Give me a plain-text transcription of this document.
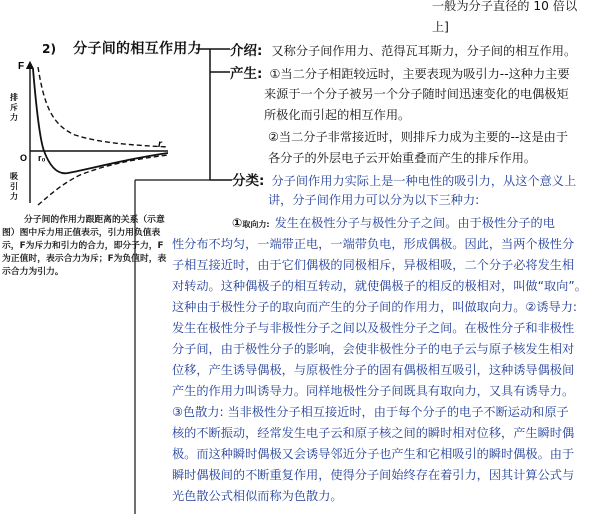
一般为分子直径的 10 倍以
上]
2) 分子间的相互作用力 介绍: 又称分子间作用力、范得瓦耳斯力，分子间的相互作用。
产生: ①当二分子相距较远时，主要表现为吸引力--这种力主要
来源于一个分子被另一个分子随时间迅速变化的电偶极矩
所极化而引起的相互作用。
②当二分子非常接近时，则排斥力成为主要的--这是由于
各分子的外层电子云开始重叠而产生的排斥作用。
分类: 分子间作用力实际上是一种电性的吸引力，从这个意义上
讲，分子间作用力可以分为以下三种力:
①取向力: 发生在极性分子与极性分子之间。由于极性分子的电
性分布不均匀，一端带正电，一端带负电，形成偶极。因此，当两个极性分
子相互接近时，由于它们偶极的同极相斥，异极相吸，二个分子必将发生相
对转动。这种偶极子的相互转动，就使偶极子的相反的极相对，叫做“取向”。
这种由于极性分子的取向而产生的分子间的作用力，叫做取向力。②诱导力:
发生在极性分子与非极性分子之间以及极性分子之间。在极性分子和非极性
分子间，由于极性分子的影响，会使非极性分子的电子云与原子核发生相对
位移，产生诱导偶极，与原极性分子的固有偶极相互吸引，这种诱导偶极间
产生的作用力叫诱导力。同样地极性分子间既具有取向力，又具有诱导力。
③色散力: 当非极性分子相互接近时，由于每个分子的电子不断运动和原子
核的不断振动，经常发生电子云和原子核之间的瞬时相对位移，产生瞬时偶
极。而这种瞬时偶极又会诱导邻近分子也产生和它相吸引的瞬时偶极。由于
瞬时偶极间的不断重复作用，使得分子间始终存在着引力，因其计算公式与
光色散公式相似而称为色散力。
F
O r₀
r
排斥力
吸引力
分子间的作用力跟距离的关系（示意
图）图中斥力用正值表示，引力用负值表
示，F为斥力和引力的合力，即分子力，F
为正值时，表示合力为斥；F为负值时，表
示合力为引力。
